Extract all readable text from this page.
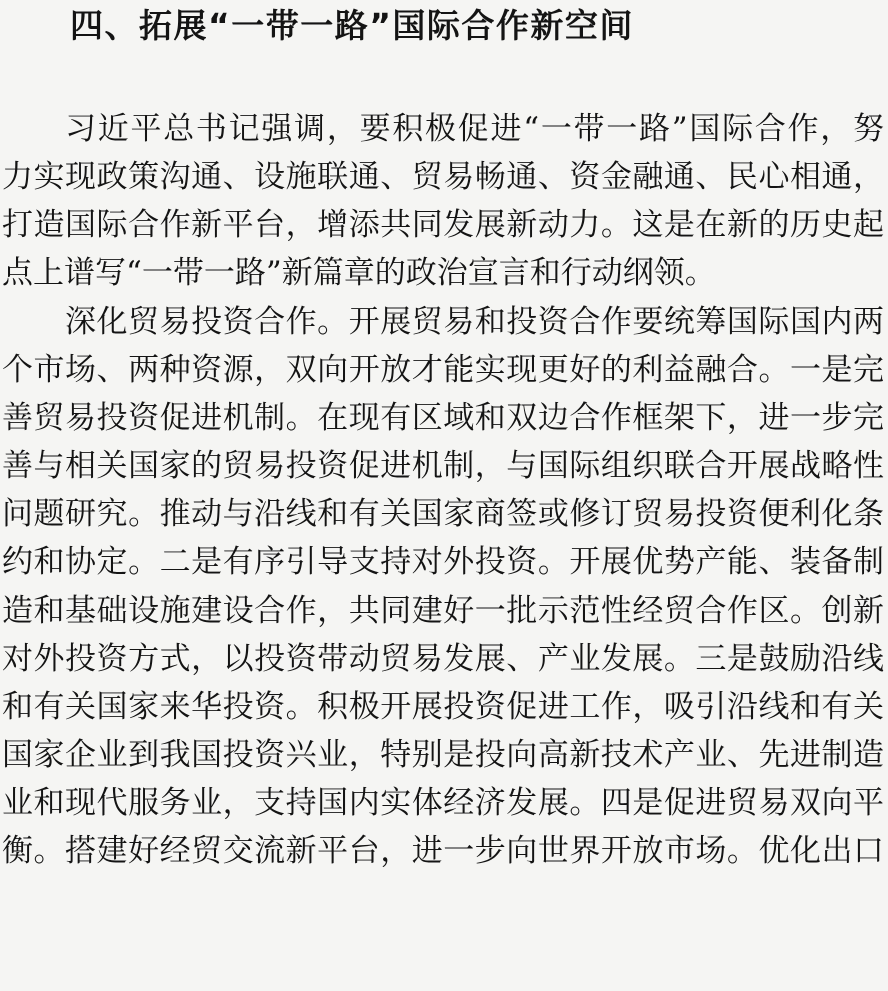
四、拓展“一带一路”国际合作新空间
习近平总书记强调，要积极促进“一带一路”国际合作，努
力实现政策沟通、设施联通、贸易畅通、资金融通、民心相通，
打造国际合作新平台，增添共同发展新动力。这是在新的历史起
点上谱写“一带一路”新篇章的政治宣言和行动纲领。
深化贸易投资合作。开展贸易和投资合作要统筹国际国内两
个市场、两种资源，双向开放才能实现更好的利益融合。一是完
善贸易投资促进机制。在现有区域和双边合作框架下，进一步完
善与相关国家的贸易投资促进机制，与国际组织联合开展战略性
问题研究。推动与沿线和有关国家商签或修订贸易投资便利化条
约和协定。二是有序引导支持对外投资。开展优势产能、装备制
造和基础设施建设合作，共同建好一批示范性经贸合作区。创新
对外投资方式，以投资带动贸易发展、产业发展。三是鼓励沿线
和有关国家来华投资。积极开展投资促进工作，吸引沿线和有关
国家企业到我国投资兴业，特别是投向高新技术产业、先进制造
业和现代服务业，支持国内实体经济发展。四是促进贸易双向平
衡。搭建好经贸交流新平台，进一步向世界开放市场。优化出口
